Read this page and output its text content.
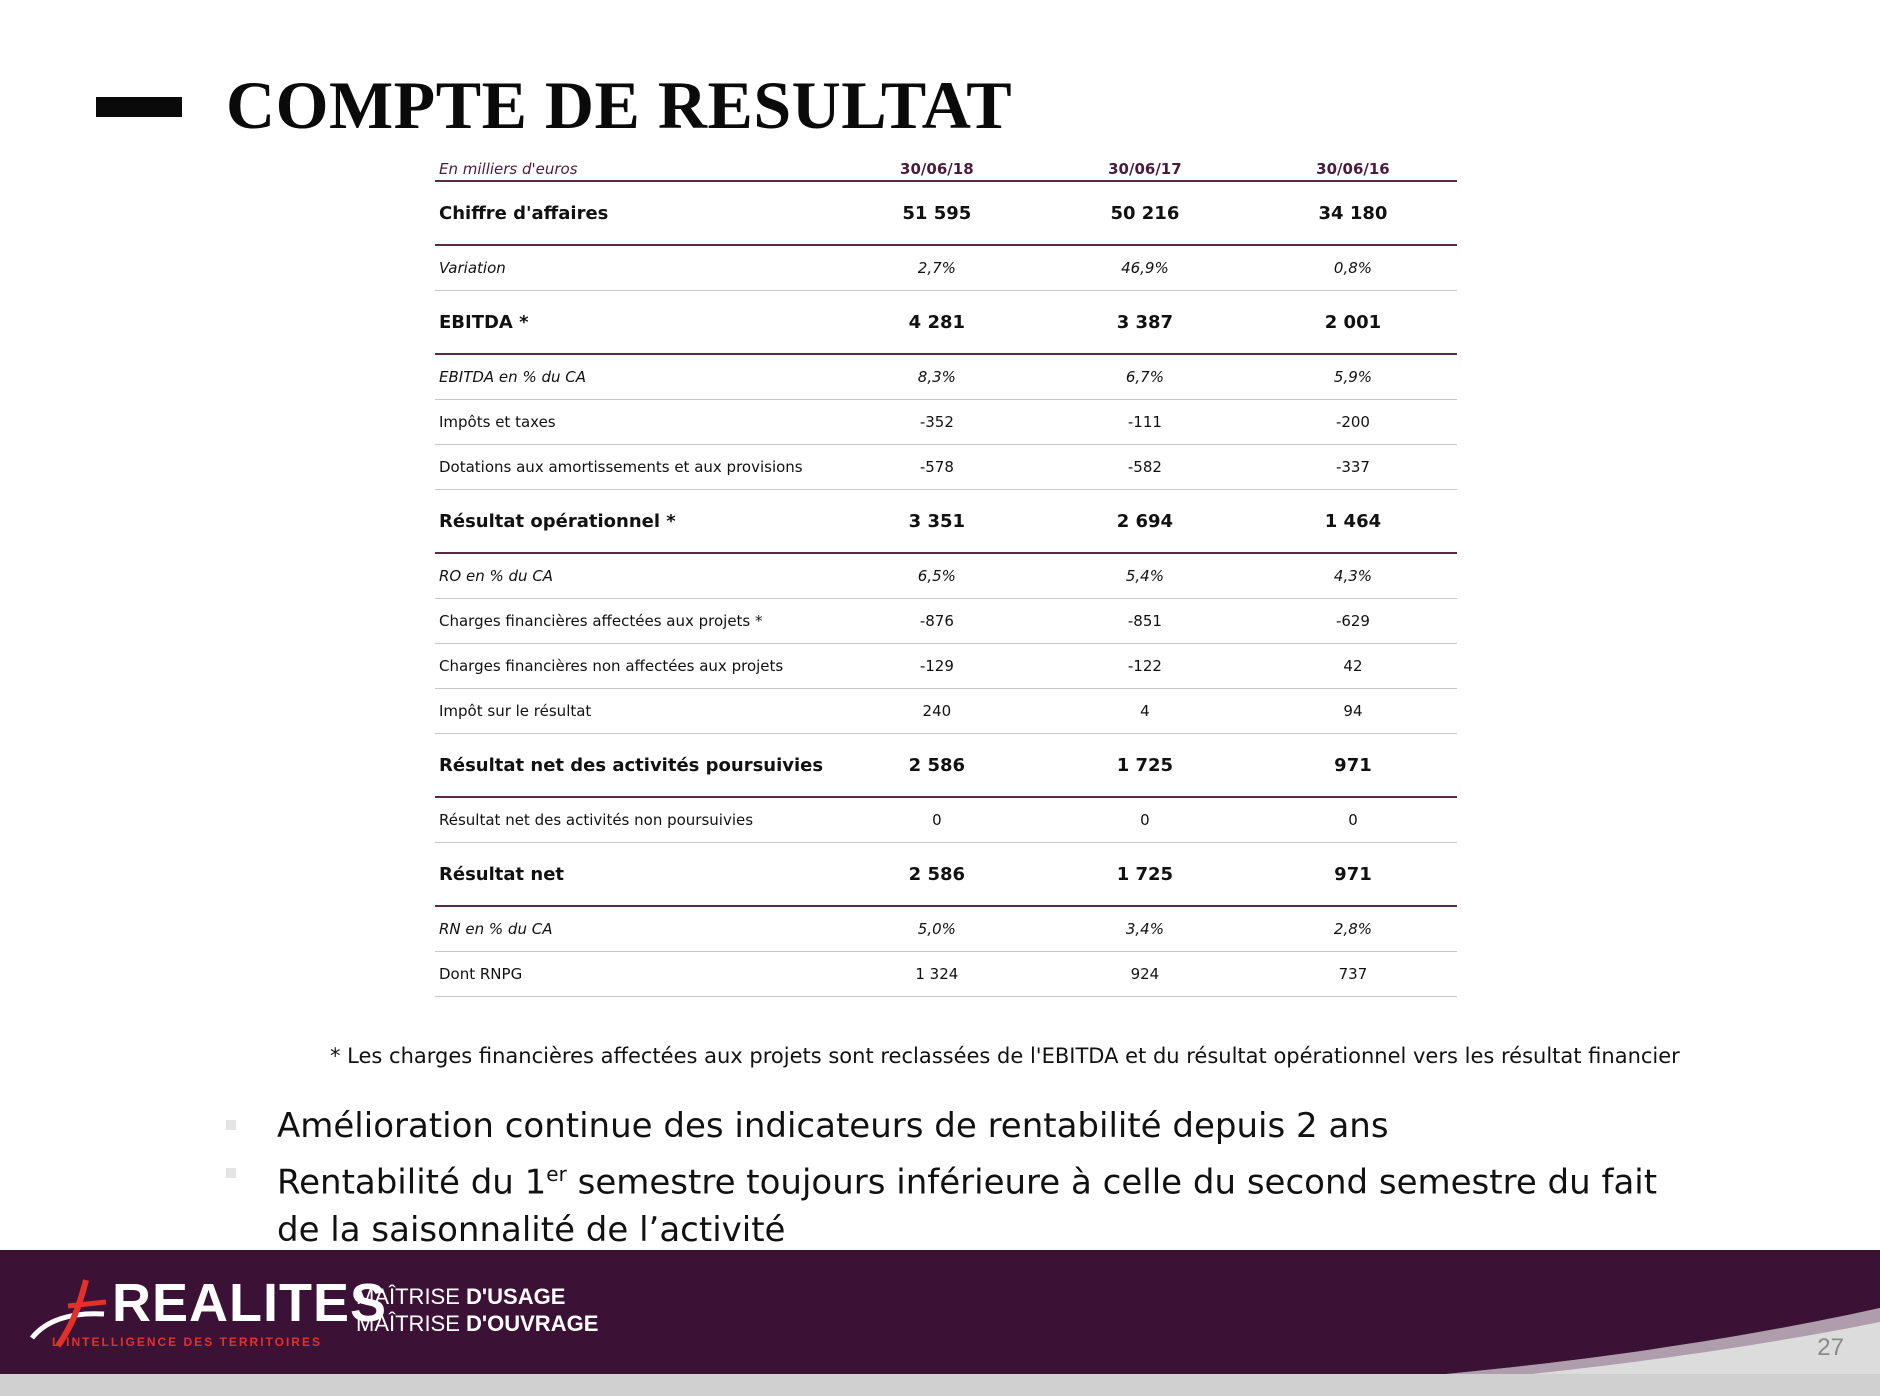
COMPTE DE RESULTAT
En milliers d'euros	30/06/18	30/06/17	30/06/16
Chiffre d'affaires	51 595	50 216	34 180
Variation	2,7%	46,9%	0,8%
EBITDA *	4 281	3 387	2 001
EBITDA en % du CA	8,3%	6,7%	5,9%
Impôts et taxes	-352	-111	-200
Dotations aux amortissements et aux provisions	-578	-582	-337
Résultat opérationnel *	3 351	2 694	1 464
RO en % du CA	6,5%	5,4%	4,3%
Charges financières affectées aux projets *	-876	-851	-629
Charges financières non affectées aux projets	-129	-122	42
Impôt sur le résultat	240	4	94
Résultat net des activités poursuivies	2 586	1 725	971
Résultat net des activités non poursuivies	0	0	0
Résultat net	2 586	1 725	971
RN en % du CA	5,0%	3,4%	2,8%
Dont RNPG	1 324	924	737

* Les charges financières affectées aux projets sont reclassées de l'EBITDA et du résultat opérationnel vers les résultat financier

Amélioration continue des indicateurs de rentabilité depuis 2 ans

Rentabilité du 1er semestre toujours inférieure à celle du second semestre du fait de la saisonnalité de l’activité

REALITES

L'INTELLIGENCE DES TERRITOIRES

MAÎTRISE D'USAGE
MAÎTRISE D'OUVRAGE

27
